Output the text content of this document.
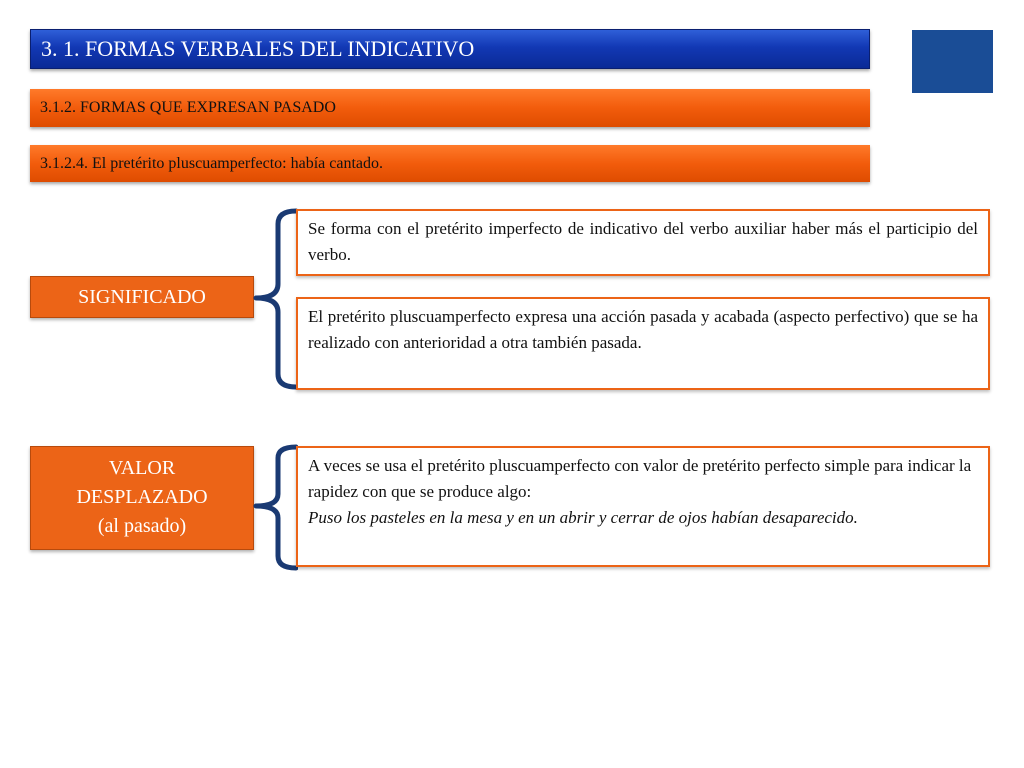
3. 1. FORMAS VERBALES DEL INDICATIVO
3.1.2. FORMAS QUE EXPRESAN PASADO
3.1.2.4. El pretérito pluscuamperfecto: había cantado.
SIGNIFICADO
Se forma con el pretérito imperfecto de indicativo del verbo auxiliar haber más el participio del verbo.
El pretérito pluscuamperfecto expresa una acción pasada y acabada (aspecto perfectivo) que se ha realizado con anterioridad a otra también pasada.
VALOR
DESPLAZADO
(al pasado)
A veces se usa el pretérito pluscuamperfecto con valor de pretérito perfecto simple para indicar la rapidez con que se produce algo:
Puso los pasteles en la mesa y en un abrir y cerrar de ojos habían desaparecido.
